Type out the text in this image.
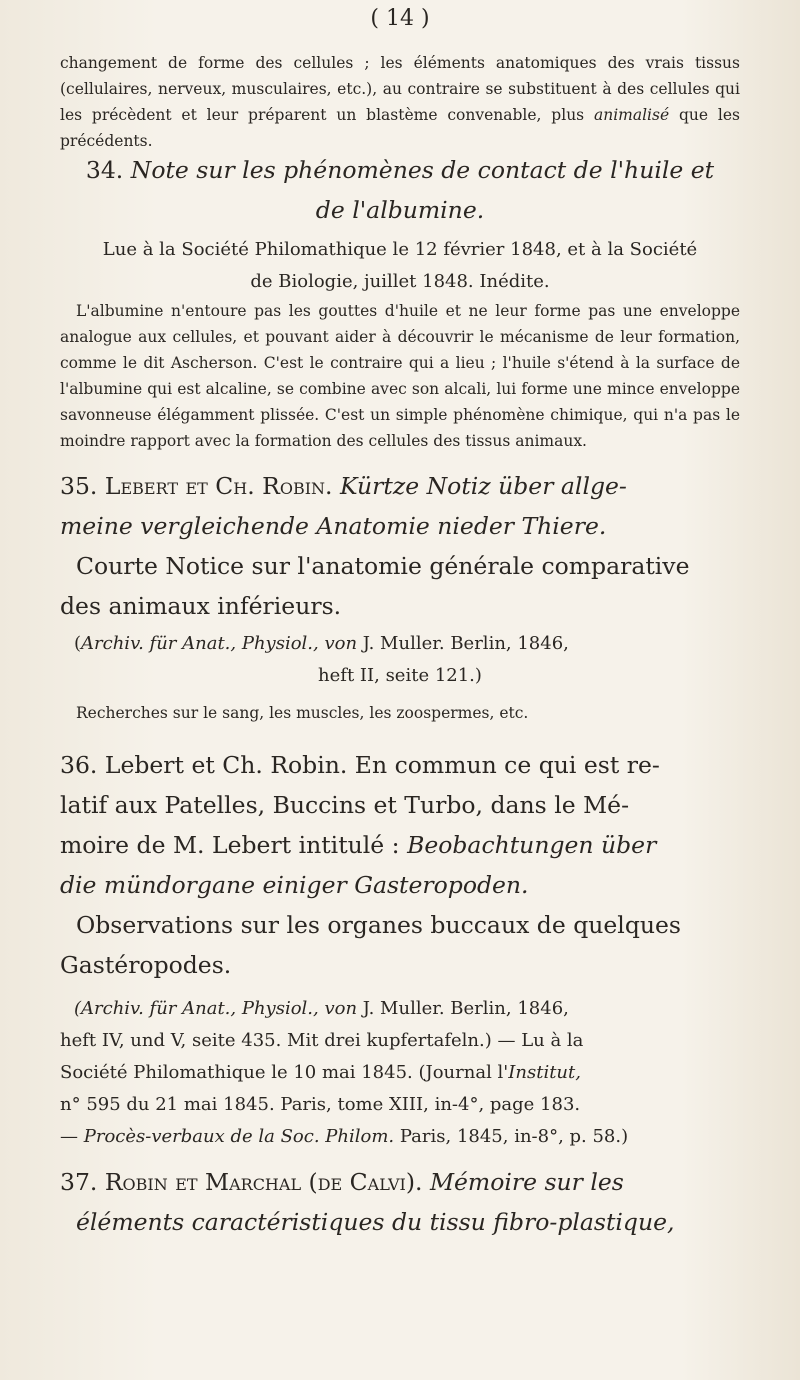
( 14 )
changement de forme des cellules ; les éléments anatomiques des vrais tissus (cellulaires, nerveux, musculaires, etc.), au contraire se substituent à des cellules qui les précèdent et leur préparent un blastème convenable, plus animalisé que les précédents.
34. Note sur les phénomènes de contact de l'huile et
de l'albumine.
Lue à la Société Philomathique le 12 février 1848, et à la Société
de Biologie, juillet 1848. Inédite.
L'albumine n'entoure pas les gouttes d'huile et ne leur forme pas une enveloppe analogue aux cellules, et pouvant aider à découvrir le mécanisme de leur formation, comme le dit Ascherson. C'est le contraire qui a lieu ; l'huile s'étend à la surface de l'albumine qui est alcaline, se combine avec son alcali, lui forme une mince enveloppe savonneuse élégamment plissée. C'est un simple phénomène chimique, qui n'a pas le moindre rapport avec la formation des cellules des tissus animaux.
35. Lebert et Ch. Robin. Kürtze Notiz über allge-
meine vergleichende Anatomie nieder Thiere.
Courte Notice sur l'anatomie générale comparative
des animaux inférieurs.
(Archiv. für Anat., Physiol., von J. Muller. Berlin, 1846,

heft II, seite 121.)
Recherches sur le sang, les muscles, les zoospermes, etc.
36. Lebert et Ch. Robin. En commun ce qui est re-
latif aux Patelles, Buccins et Turbo, dans le Mé-
moire de M. Lebert intitulé : Beobachtungen über
die mündorgane einiger Gasteropoden.
Observations sur les organes buccaux de quelques
Gastéropodes.
(Archiv. für Anat., Physiol., von J. Muller. Berlin, 1846,
heft IV, und V, seite 435. Mit drei kupfertafeln.) — Lu à la
Société Philomathique le 10 mai 1845. (Journal l'Institut,
n° 595 du 21 mai 1845. Paris, tome XIII, in-4°, page 183.
— Procès-verbaux de la Soc. Philom. Paris, 1845, in-8°, p. 58.)
37. Robin et Marchal (de Calvi). Mémoire sur les
éléments caractéristiques du tissu fibro-plastique,
